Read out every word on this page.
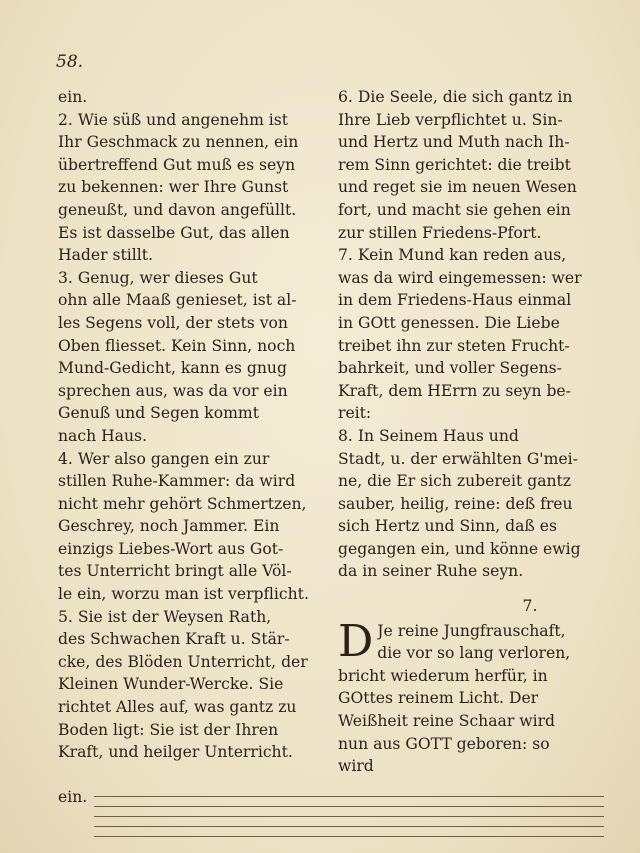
58.
ein.
2. Wie süß und angenehm ist
Ihr Geschmack zu nennen, ein
übertreffend Gut muß es seyn
zu bekennen: wer Ihre Gunst
geneußt, und davon angefüllt.
Es ist dasselbe Gut, das allen
Hader stillt.
3. Genug, wer dieses Gut
ohn alle Maaß genieset, ist al-
les Segens voll, der stets von
Oben fliesset. Kein Sinn, noch
Mund-Gedicht, kann es gnug
sprechen aus, was da vor ein
Genuß und Segen kommt
nach Haus.
4. Wer also gangen ein zur
stillen Ruhe-Kammer: da wird
nicht mehr gehört Schmertzen,
Geschrey, noch Jammer. Ein
einzigs Liebes-Wort aus Got-
tes Unterricht bringt alle Völ-
le ein, worzu man ist verpflicht.
5. Sie ist der Weysen Rath,
des Schwachen Kraft u. Stär-
cke, des Blöden Unterricht, der
Kleinen Wunder-Wercke. Sie
richtet Alles auf, was gantz zu
Boden ligt: Sie ist der Ihren
Kraft, und heilger Unterricht.
6. Die Seele, die sich gantz in
Ihre Lieb verpflichtet u. Sin-
und Hertz und Muth nach Ih-
rem Sinn gerichtet: die treibt
und reget sie im neuen Wesen
fort, und macht sie gehen ein
zur stillen Friedens-Pfort.
7. Kein Mund kan reden aus,
was da wird eingemessen: wer
in dem Friedens-Haus einmal
in GOtt genessen. Die Liebe
treibet ihn zur steten Frucht-
bahrkeit, und voller Segens-
Kraft, dem HErrn zu seyn be-
reit:
8. In Seinem Haus und
Stadt, u. der erwählten G'mei-
ne, die Er sich zubereit gantz
sauber, heilig, reine: deß freu
sich Hertz und Sinn, daß es
gegangen ein, und könne ewig
da in seiner Ruhe seyn.
7.
D Je reine Jungfrauschaft,
die vor so lang verloren,
bricht wiederum herfür, in
GOttes reinem Licht. Der
Weißheit reine Schaar wird
nun aus GOTT geboren: so
wird
ein.
